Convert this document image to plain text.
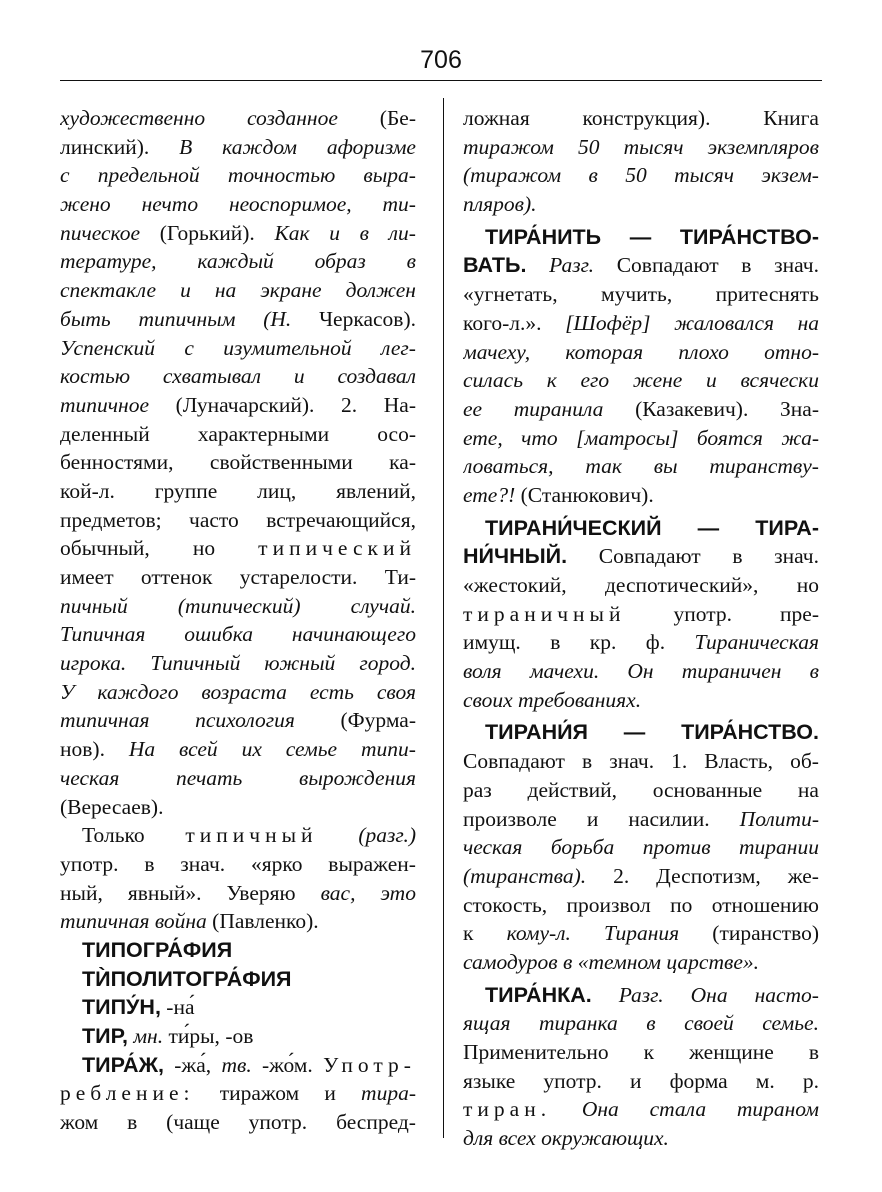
706
художественно созданное (Бе-
линский). В каждом афоризме
с предельной точностью выра-
жено нечто неоспоримое, ти-
пическое (Горький). Как и в ли-
тературе, каждый образ в
спектакле и на экране должен
быть типичным (Н. Черкасов).
Успенский с изумительной лег-
костью схватывал и создавал
типичное (Луначарский). 2. На-
деленный характерными осо-
бенностями, свойственными ка-
кой-л. группе лиц, явлений,
предметов; часто встречающийся,
обычный, но типический
имеет оттенок устарелости. Ти-
пичный (типический) случай.
Типичная ошибка начинающего
игрока. Типичный южный город.
У каждого возраста есть своя
типичная психология (Фурма-
нов). На всей их семье типи-
ческая	печать	вырождения
(Вересаев).
Только типичный (разг.)
употр. в знач. «ярко выражен-
ный, явный». Уверяю вас, это
типичная война (Павленко).
ТИПОГРА́ФИЯ
ТЍПОЛИТОГРА́ФИЯ
ТИПУ́Н, -на́
ТИР, мн. ти́ры, -ов
ТИРА́Ж, -жа́, тв. -жо́м. Употр-
ребление: тиражом и тира-
жом в (чаще употр. беспред-
ложная конструкция). Книга
тиражом 50 тысяч экземпляров
(тиражом в 50 тысяч экзем-
пляров).
ТИРА́НИТЬ — ТИРА́НСТВО-
ВАТЬ. Разг. Совпадают в знач.
«угнетать, мучить, притеснять
кого-л.». [Шофёр] жаловался на
мачеху, которая плохо отно-
силась к его жене и всячески
ее тиранила (Казакевич). Зна-
ете, что [матросы] боятся жа-
ловаться, так вы тиранству-
ете?! (Станюкович).
ТИРАНИ́ЧЕСКИЙ — ТИРА-
НИ́ЧНЫЙ. Совпадают в знач.
«жестокий, деспотический», но
тираничный употр. пре-
имущ. в кр. ф. Тираническая
воля мачехи. Он тираничен в
своих требованиях.
ТИРАНИ́Я — ТИРА́НСТВО.
Совпадают в знач. 1. Власть, об-
раз действий, основанные на
произволе и насилии. Полити-
ческая борьба против тирании
(тиранства). 2. Деспотизм, же-
стокость, произвол по отношению
к кому-л. Тирания (тиранство)
самодуров в «темном царстве».
ТИРА́НКА. Разг. Она насто-
ящая тиранка в своей семье.
Применительно к женщине в
языке употр. и форма м. р.
тиран. Она стала тираном
для всех окружающих.
